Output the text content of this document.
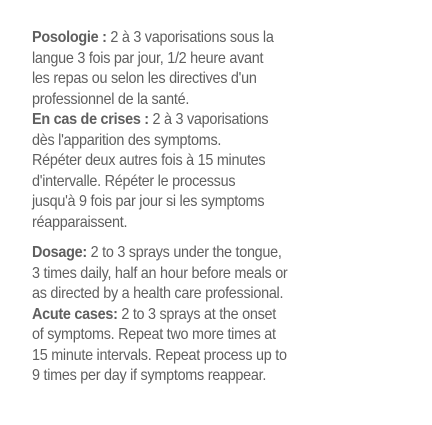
Posologie : 2 à 3 vaporisations sous la
langue 3 fois par jour, 1/2 heure avant
les repas ou selon les directives d'un
professionnel de la santé.
En cas de crises : 2 à 3 vaporisations
dès l'apparition des symptoms.
Répéter deux autres fois à 15 minutes
d'intervalle. Répéter le processus
jusqu'à 9 fois par jour si les symptoms
réapparaissent.
Dosage: 2 to 3 sprays under the tongue,
3 times daily, half an hour before meals or
as directed by a health care professional.
Acute cases: 2 to 3 sprays at the onset
of symptoms. Repeat two more times at
15 minute intervals. Repeat process up to
9 times per day if symptoms reappear.
